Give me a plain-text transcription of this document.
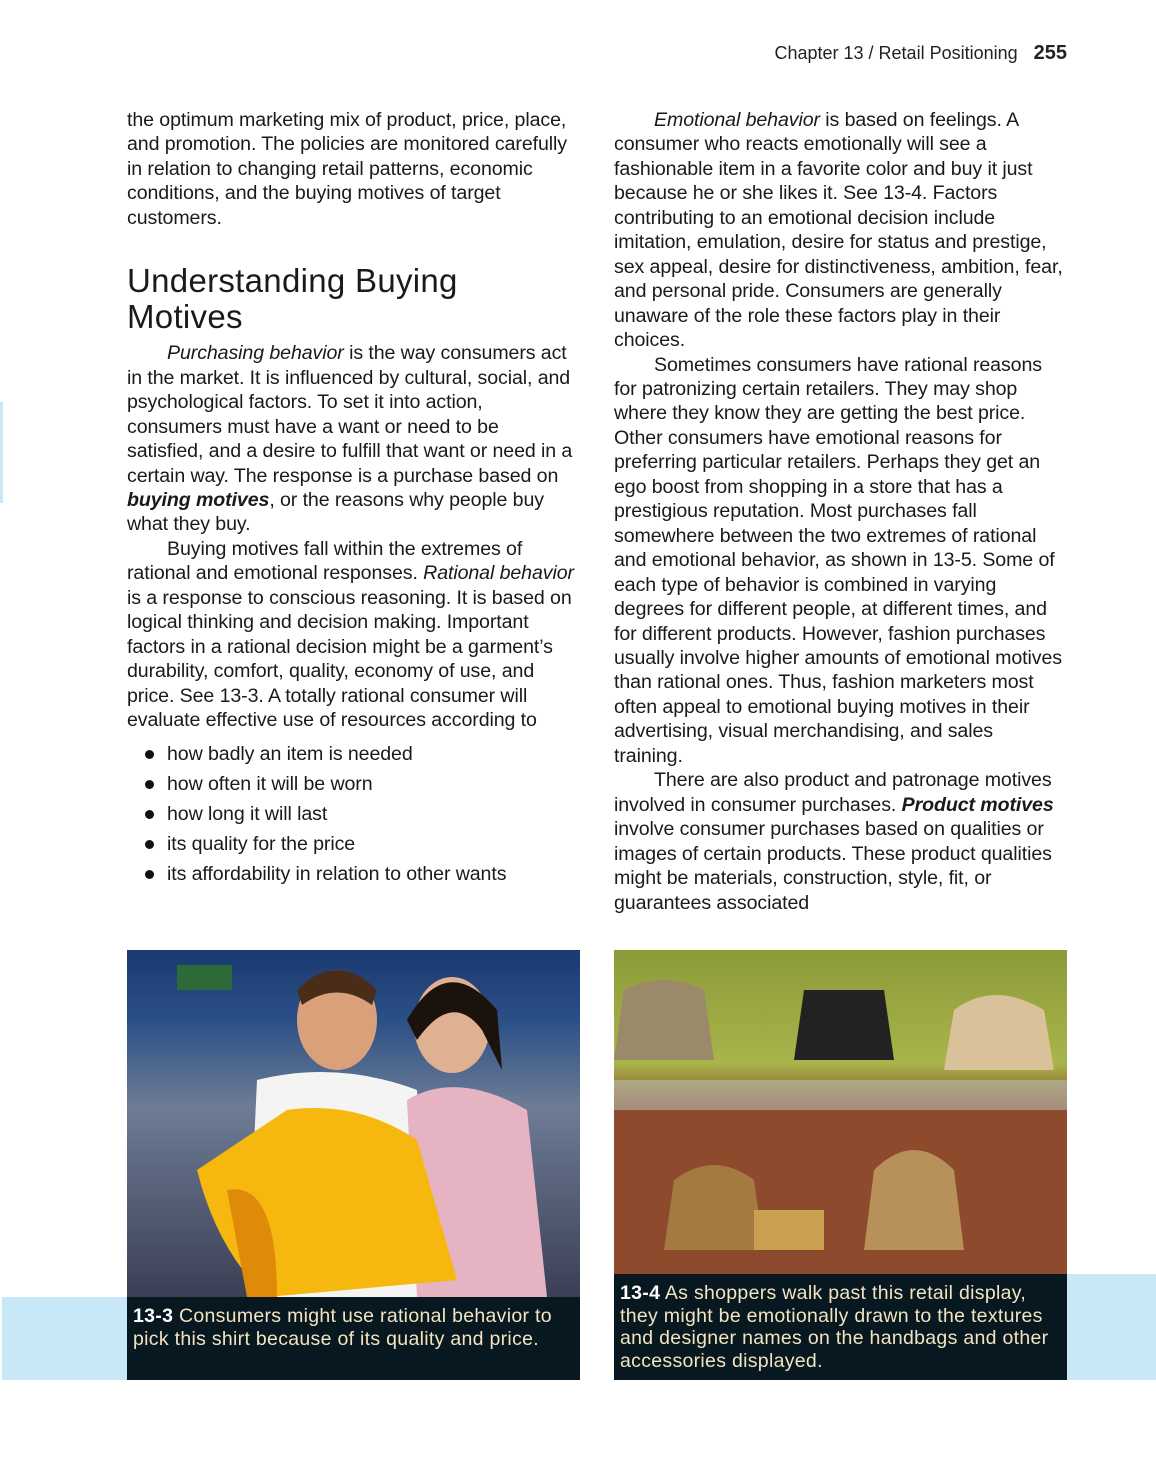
Chapter 13 / Retail Positioning 255

the optimum marketing mix of product, price, place, and promotion. The policies are monitored carefully in relation to changing retail patterns, economic conditions, and the buying motives of target customers.

Understanding Buying Motives

Purchasing behavior is the way consumers act in the market. It is influenced by cultural, social, and psychological factors. To set it into action, consumers must have a want or need to be satisfied, and a desire to fulfill that want or need in a certain way. The response is a purchase based on buying motives, or the reasons why people buy what they buy.

Buying motives fall within the extremes of rational and emotional responses. Rational behavior is a response to conscious reasoning. It is based on logical thinking and decision making. Important factors in a rational decision might be a garment’s durability, comfort, quality, economy of use, and price. See 13-3. A totally rational consumer will evaluate effective use of resources according to

how badly an item is needed
how often it will be worn
how long it will last
its quality for the price
its affordability in relation to other wants

Emotional behavior is based on feelings. A consumer who reacts emotionally will see a fashionable item in a favorite color and buy it just because he or she likes it. See 13-4. Factors contributing to an emotional decision include imitation, emulation, desire for status and prestige, sex appeal, desire for distinctiveness, ambition, fear, and personal pride. Consumers are generally unaware of the role these factors play in their choices.

Sometimes consumers have rational reasons for patronizing certain retailers. They may shop where they know they are getting the best price. Other consumers have emotional reasons for preferring particular retailers. Perhaps they get an ego boost from shopping in a store that has a prestigious reputation. Most purchases fall somewhere between the two extremes of rational and emotional behavior, as shown in 13-5. Some of each type of behavior is combined in varying degrees for different people, at different times, and for different products. However, fashion purchases usually involve higher amounts of emotional motives than rational ones. Thus, fashion marketers most often appeal to emotional buying motives in their advertising, visual merchandising, and sales training.

There are also product and patronage motives involved in consumer purchases. Product motives involve consumer purchases based on qualities or images of certain products. These product qualities might be materials, construction, style, fit, or guarantees associated

13-3 Consumers might use rational behavior to pick this shirt because of its quality and price.
13-4 As shoppers walk past this retail display, they might be emotionally drawn to the textures and designer names on the handbags and other accessories displayed.
